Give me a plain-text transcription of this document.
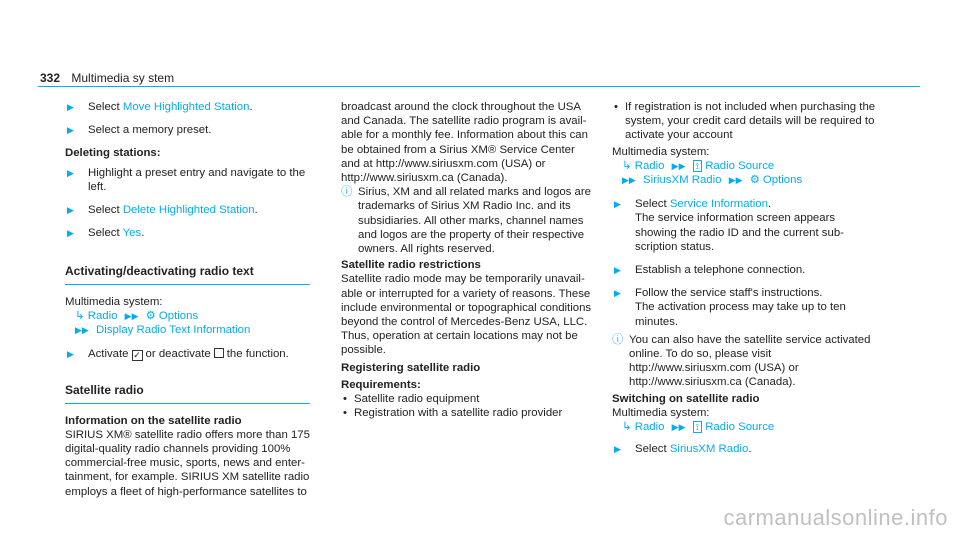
332 Multimedia sy stem
▶ Select Move Highlighted Station.
▶ Select a memory preset.

Deleting stations:

▶ Highlight a preset entry and navigate to the left.
▶ Select Delete Highlighted Station.
▶ Select Yes.
Activating/deactivating radio text

Multimedia system:

↳ Radio ▶▶ ⚙ Options

▶▶ Display Radio Text Information

▶ Activate ✓ or deactivate the function.
Satellite radio

Information on the satellite radio

SIRIUS XM® satellite radio offers more than 175 digital-quality radio channels providing 100% commercial-free music, sports, news and entertainment, for example. SIRIUS XM satellite radio employs a fleet of high-performance satellites to

broadcast around the clock throughout the USA and Canada. The satellite radio program is available for a monthly fee. Information about this can be obtained from a Sirius XM® Service Center and at http://www.siriusxm.com (USA) or http://www.siriusxm.ca (Canada).

ⓘ Sirius, XM and all related marks and logos are trademarks of Sirius XM Radio Inc. and its subsidiaries. All other marks, channel names and logos are the property of their respective owners. All rights reserved.

Satellite radio restrictions

Satellite radio mode may be temporarily unavailable or interrupted for a variety of reasons. These include environmental or topographical conditions beyond the control of Mercedes-Benz USA, LLC. Thus, operation at certain locations may not be possible.

Registering satellite radio

Requirements:

• Satellite radio equipment

• Registration with a satellite radio provider

• If registration is not included when purchasing the system, your credit card details will be required to activate your account

Multimedia system:

↳ Radio ▶▶ ⟟ Radio Source

▶▶ SiriusXM Radio ▶▶ ⚙ Options

▶ Select Service Information.

The service information screen appears showing the radio ID and the current subscription status.

▶ Establish a telephone connection.
▶ Follow the service staff's instructions.

The activation process may take up to ten minutes.

ⓘ You can also have the satellite service activated online. To do so, please visit http://www.siriusxm.com (USA) or http://www.siriusxm.ca (Canada).

Switching on satellite radio

Multimedia system:

↳ Radio ▶▶ ⟟ Radio Source

▶ Select SiriusXM Radio.
carmanualsonline.info
